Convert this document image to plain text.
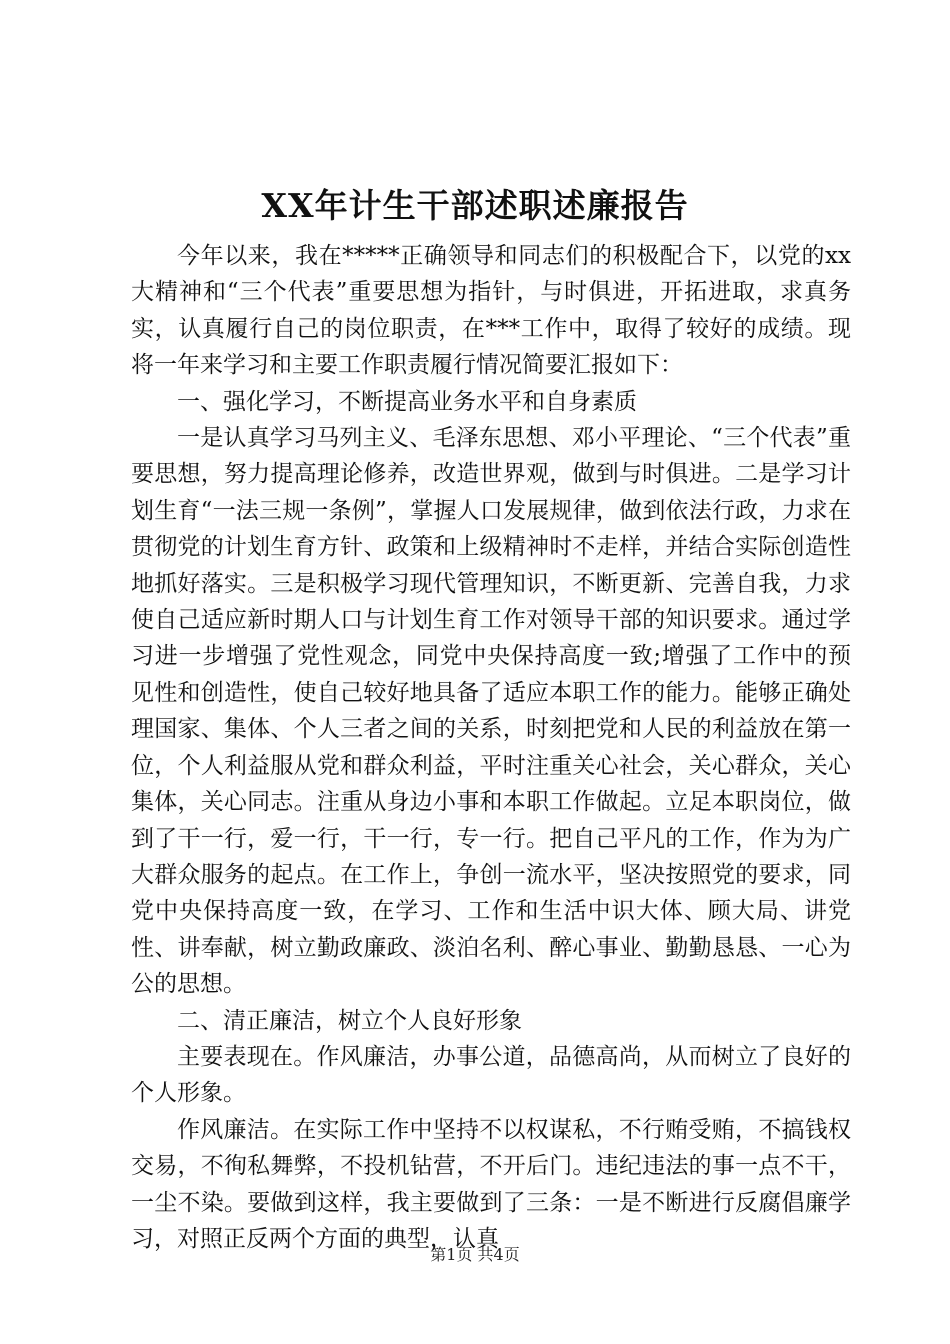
XX年计生干部述职述廉报告

今年以来，我在*****正确领导和同志们的积极配合下，以党的xx大精神和“三个代表”重要思想为指针，与时俱进，开拓进取，求真务实，认真履行自己的岗位职责，在***工作中，取得了较好的成绩。现将一年来学习和主要工作职责履行情况简要汇报如下：

一、强化学习，不断提高业务水平和自身素质

一是认真学习马列主义、毛泽东思想、邓小平理论、“三个代表”重要思想，努力提高理论修养，改造世界观，做到与时俱进。二是学习计划生育“一法三规一条例”，掌握人口发展规律，做到依法行政，力求在贯彻党的计划生育方针、政策和上级精神时不走样，并结合实际创造性地抓好落实。三是积极学习现代管理知识，不断更新、完善自我，力求使自己适应新时期人口与计划生育工作对领导干部的知识要求。通过学习进一步增强了党性观念，同党中央保持高度一致;增强了工作中的预见性和创造性，使自己较好地具备了适应本职工作的能力。能够正确处理国家、集体、个人三者之间的关系，时刻把党和人民的利益放在第一位，个人利益服从党和群众利益，平时注重关心社会，关心群众，关心集体，关心同志。注重从身边小事和本职工作做起。立足本职岗位，做到了干一行，爱一行，干一行，专一行。把自己平凡的工作，作为为广大群众服务的起点。在工作上，争创一流水平，坚决按照党的要求，同党中央保持高度一致，在学习、工作和生活中识大体、顾大局、讲党性、讲奉献，树立勤政廉政、淡泊名利、醉心事业、勤勤恳恳、一心为公的思想。

二、清正廉洁，树立个人良好形象

主要表现在。作风廉洁，办事公道，品德高尚，从而树立了良好的个人形象。

作风廉洁。在实际工作中坚持不以权谋私，不行贿受贿，不搞钱权交易，不徇私舞弊，不投机钻营，不开后门。违纪违法的事一点不干，一尘不染。要做到这样，我主要做到了三条：一是不断进行反腐倡廉学习，对照正反两个方面的典型，认真

第1页 共4页
